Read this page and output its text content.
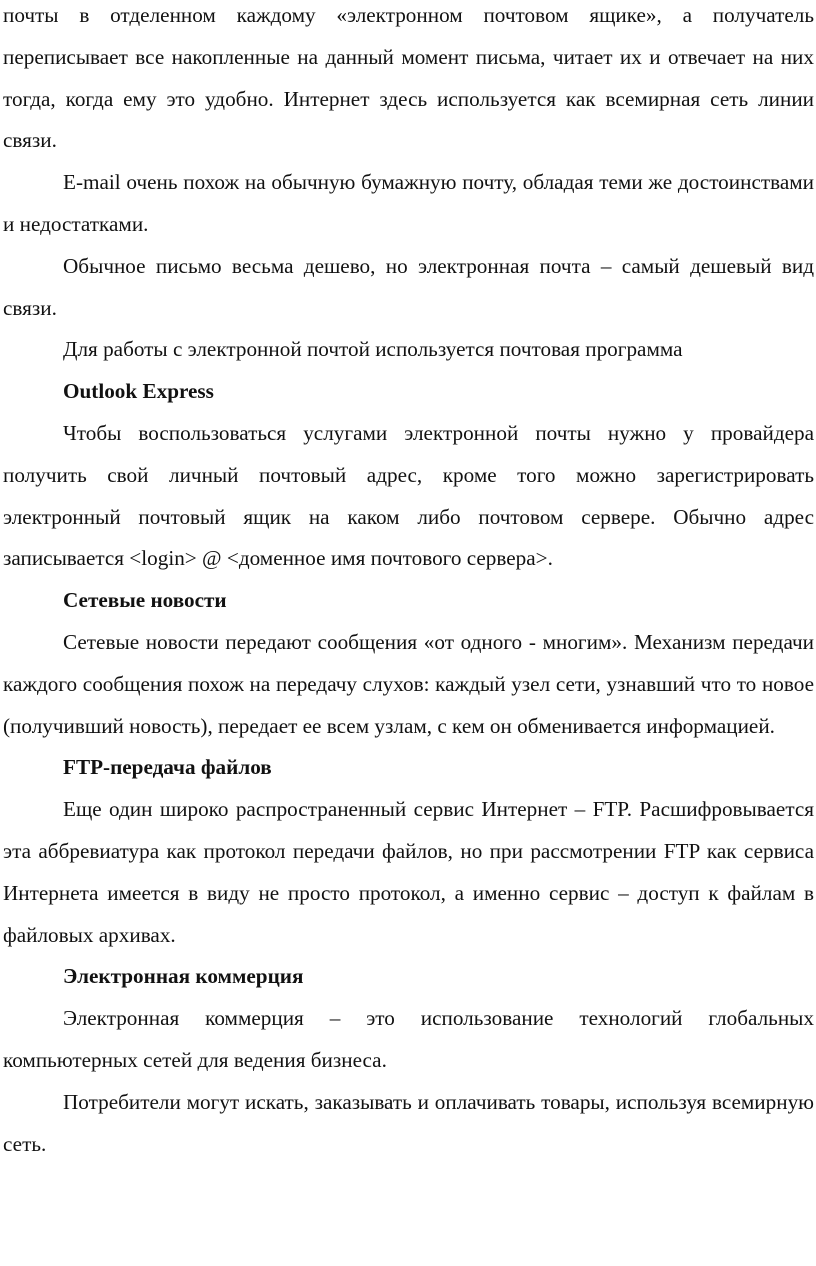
почты в отделенном каждому «электронном почтовом ящике», а получатель переписывает все накопленные на данный момент письма, читает их и отвечает на них тогда, когда ему это удобно. Интернет здесь используется как всемирная сеть линии связи.

E-mail очень похож на обычную бумажную почту, обладая теми же достоинствами и недостатками.

Обычное письмо весьма дешево, но электронная почта – самый дешевый вид связи.

Для работы с электронной почтой используется почтовая программа

Outlook Express

Чтобы воспользоваться услугами электронной почты нужно у провайдера получить свой личный почтовый адрес, кроме того можно зарегистрировать электронный почтовый ящик на каком либо почтовом сервере. Обычно адрес записывается <login> @ <доменное имя почтового сервера>.

Сетевые новости

Сетевые новости передают сообщения «от одного - многим». Механизм передачи каждого сообщения похож на передачу слухов: каждый узел сети, узнавший что то новое (получивший новость), передает ее всем узлам, с кем он обменивается информацией.

FTP-передача файлов

Еще один широко распространенный сервис Интернет – FTP. Расшифровывается эта аббревиатура как протокол передачи файлов, но при рассмотрении FTP как сервиса Интернета имеется в виду не просто протокол, а именно сервис – доступ к файлам в файловых архивах.

Электронная коммерция

Электронная коммерция – это использование технологий глобальных компьютерных сетей для ведения бизнеса.

Потребители могут искать, заказывать и оплачивать товары, используя всемирную сеть.
